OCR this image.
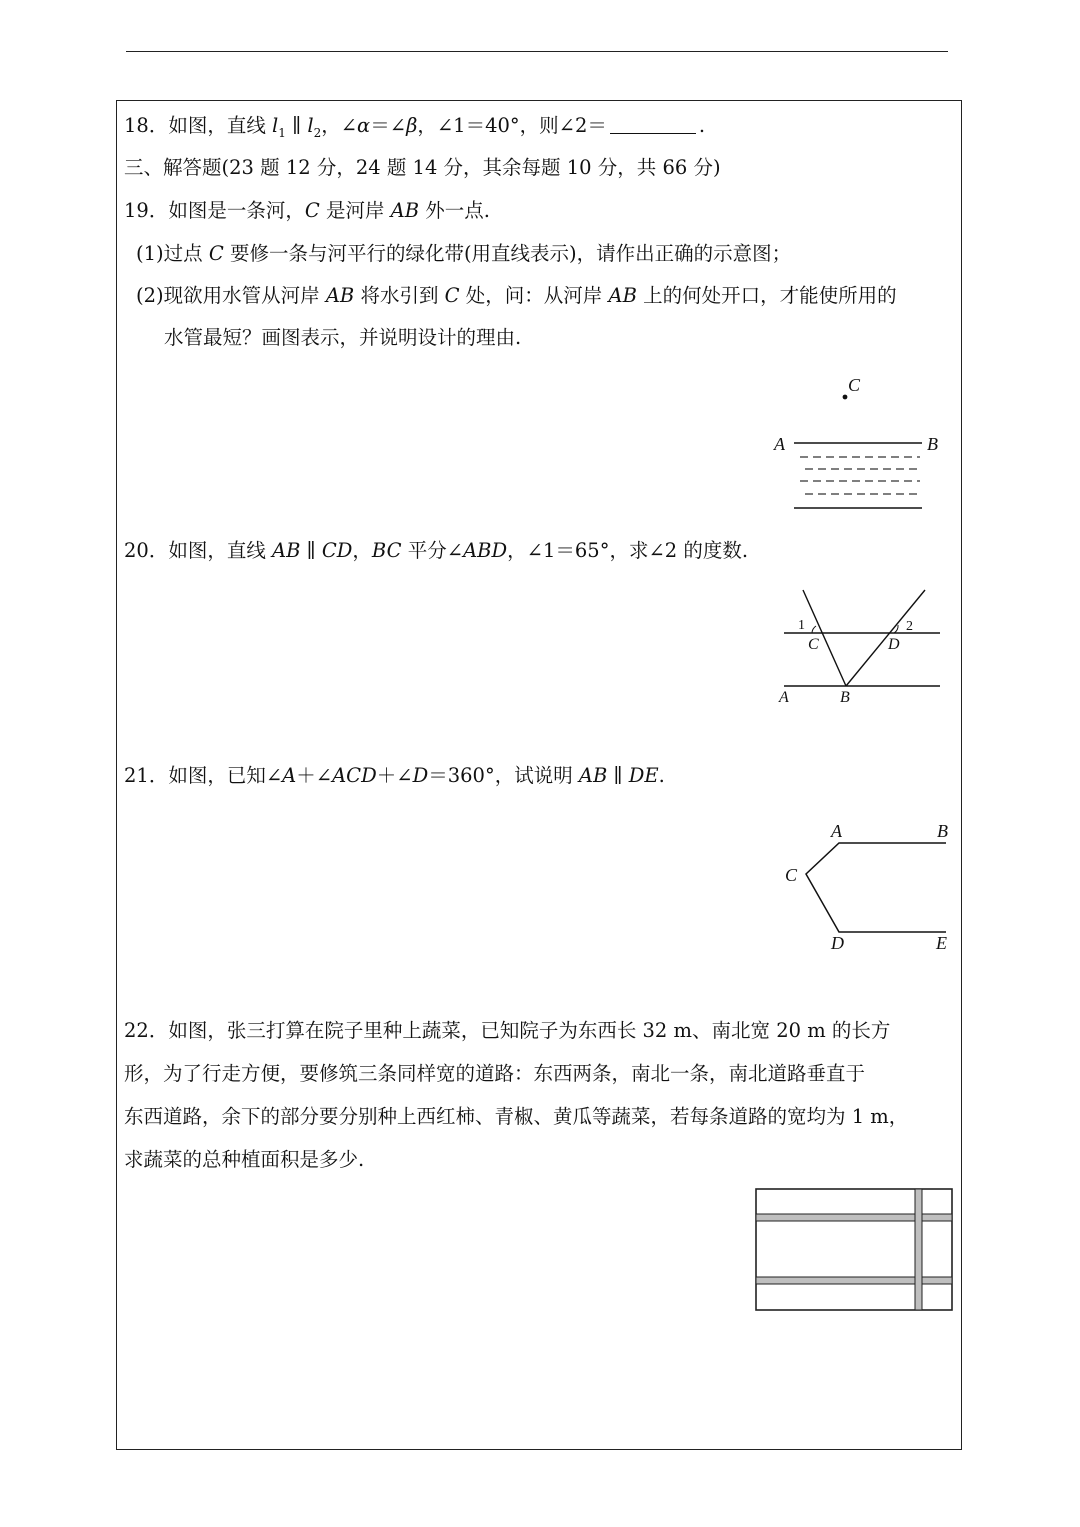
18．如图，直线 $l_1$ ∥ $l_2$，∠α＝∠β，∠1＝40°，则∠2＝	.
三、解答题(23 题 12 分，24 题 14 分，其余每题 10 分，共 66 分)
19．如图是一条河，C 是河岸 AB 外一点.
(1)过点 C 要修一条与河平行的绿化带(用直线表示)，请作出正确的示意图；
(2)现欲用水管从河岸 AB 将水引到 C 处，问：从河岸 AB 上的何处开口，才能使所用的
水管最短？画图表示，并说明设计的理由.
C
A	B
20．如图，直线 AB ∥ CD，BC 平分∠ABD，∠1＝65°，求∠2 的度数.
1	2
C	D
A	B
21．如图，已知∠A＋∠ACD＋∠D＝360°，试说明 AB ∥ DE.
A	B
C
D	E
22．如图，张三打算在院子里种上蔬菜，已知院子为东西长 32 m、南北宽 20 m 的长方
形，为了行走方便，要修筑三条同样宽的道路：东西两条，南北一条，南北道路垂直于
东西道路，余下的部分要分别种上西红柿、青椒、黄瓜等蔬菜，若每条道路的宽均为 1 m，
求蔬菜的总种植面积是多少.
